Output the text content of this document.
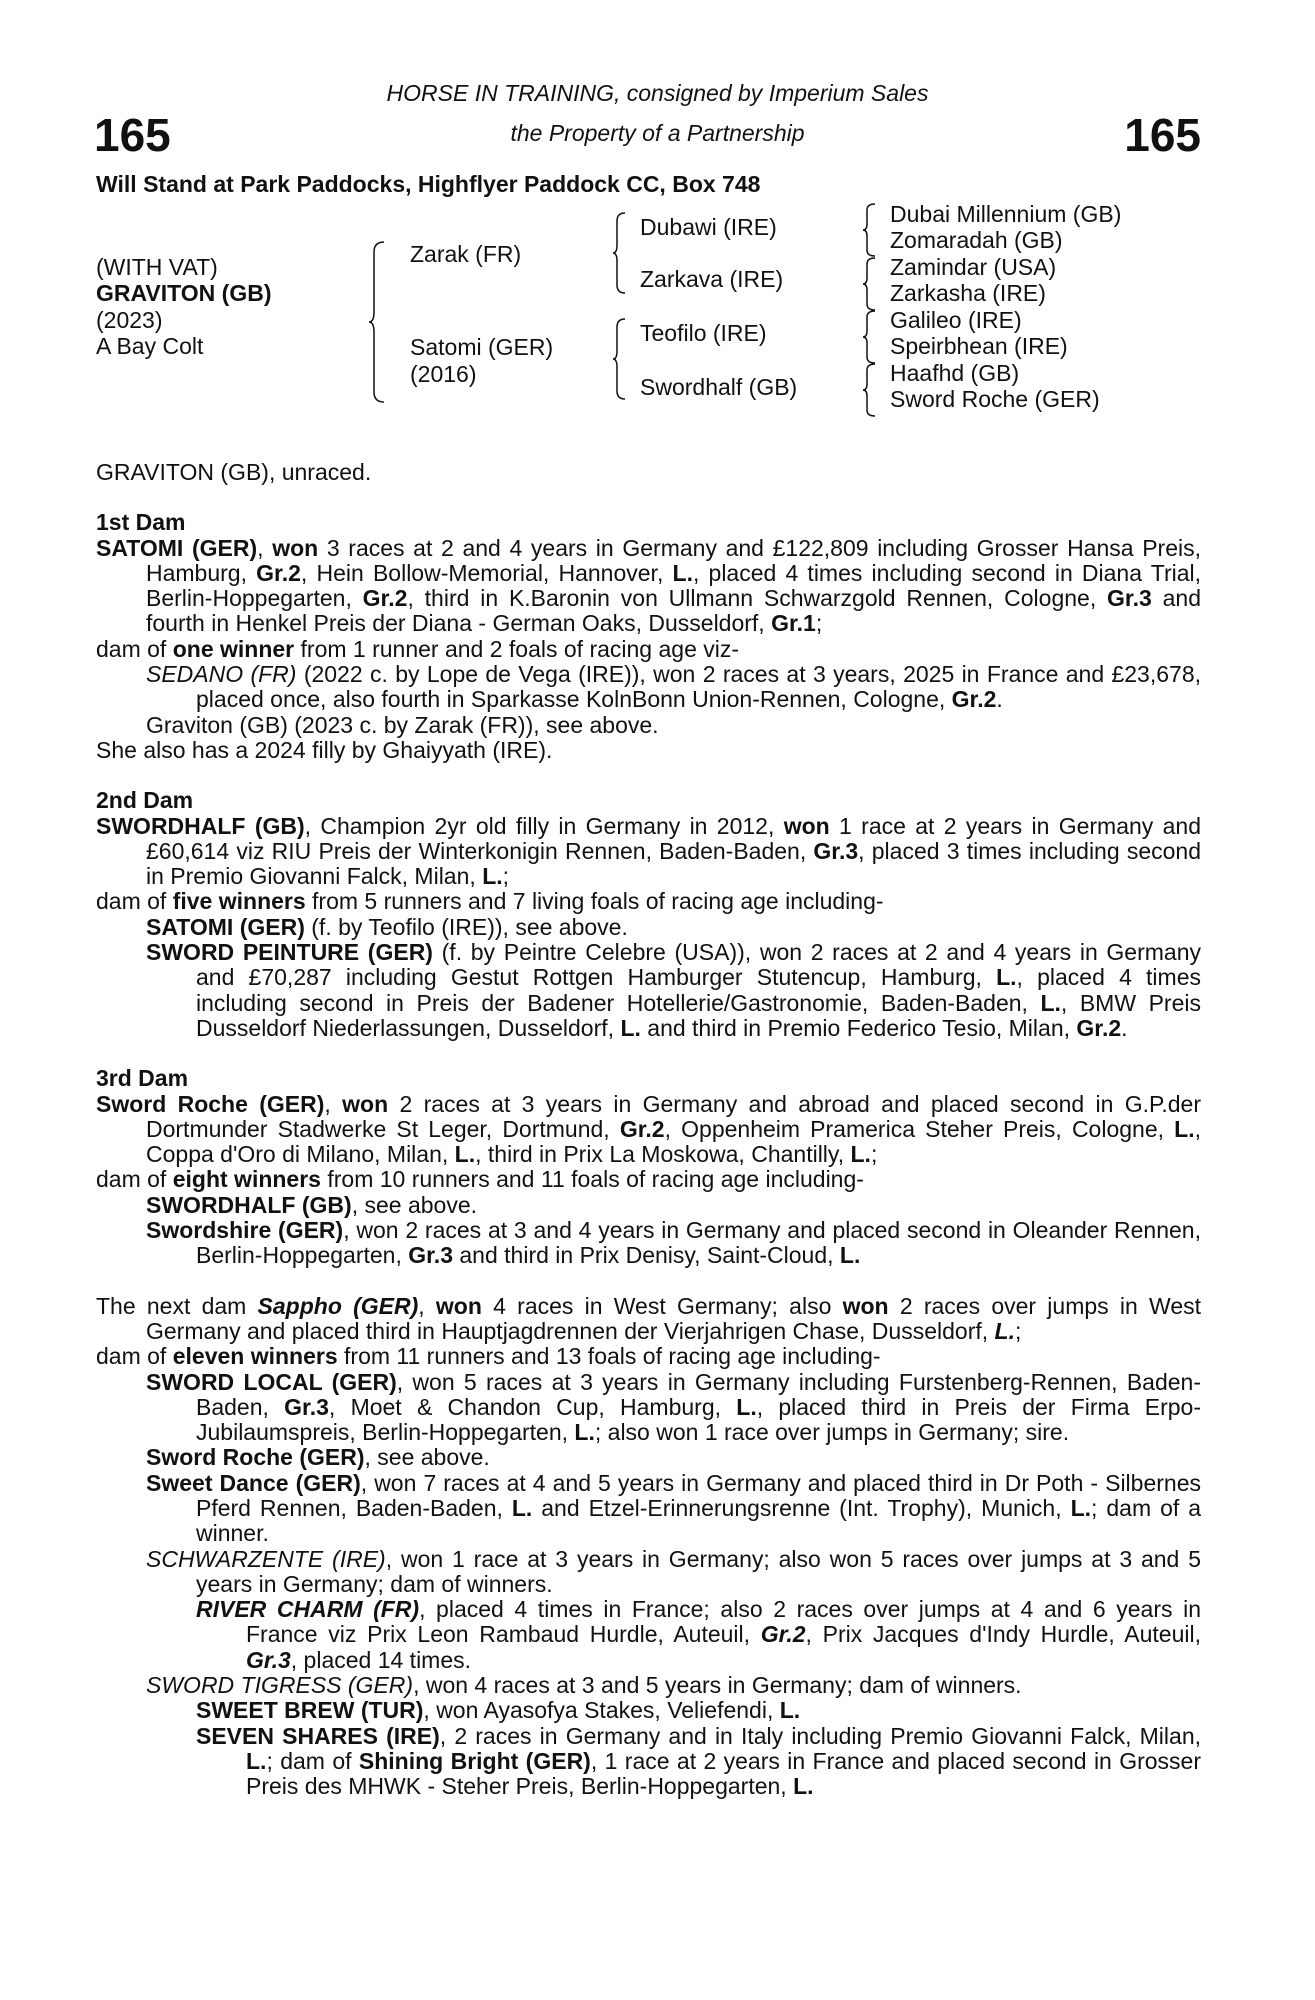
165	165
HORSE IN TRAINING, consigned by Imperium Sales
the Property of a Partnership
Will Stand at Park Paddocks, Highflyer Paddock CC, Box 748
(WITH VAT)
GRAVITON (GB)
(2023)
A Bay Colt
Zarak (FR)
Satomi (GER)
(2016)
Dubawi (IRE)
Zarkava (IRE)
Teofilo (IRE)
Swordhalf (GB)
Dubai Millennium (GB)
Zomaradah (GB)
Zamindar (USA)
Zarkasha (IRE)
Galileo (IRE)
Speirbhean (IRE)
Haafhd (GB)
Sword Roche (GER)

GRAVITON (GB), unraced.

1st Dam

SATOMI (GER), won 3 races at 2 and 4 years in Germany and £122,809 including Grosser Hansa Preis, Hamburg, Gr.2, Hein Bollow-Memorial, Hannover, L., placed 4 times including second in Diana Trial, Berlin-Hoppegarten, Gr.2, third in K.Baronin von Ullmann Schwarzgold Rennen, Cologne, Gr.3 and fourth in Henkel Preis der Diana - German Oaks, Dusseldorf, Gr.1;

dam of one winner from 1 runner and 2 foals of racing age viz-

SEDANO (FR) (2022 c. by Lope de Vega (IRE)), won 2 races at 3 years, 2025 in France and £23,678, placed once, also fourth in Sparkasse KolnBonn Union-Rennen, Cologne, Gr.2.

Graviton (GB) (2023 c. by Zarak (FR)), see above.

She also has a 2024 filly by Ghaiyyath (IRE).

2nd Dam

SWORDHALF (GB), Champion 2yr old filly in Germany in 2012, won 1 race at 2 years in Germany and £60,614 viz RIU Preis der Winterkonigin Rennen, Baden-Baden, Gr.3, placed 3 times including second in Premio Giovanni Falck, Milan, L.;

dam of five winners from 5 runners and 7 living foals of racing age including-

SATOMI (GER) (f. by Teofilo (IRE)), see above.

SWORD PEINTURE (GER) (f. by Peintre Celebre (USA)), won 2 races at 2 and 4 years in Germany and £70,287 including Gestut Rottgen Hamburger Stutencup, Hamburg, L., placed 4 times including second in Preis der Badener Hotellerie/Gastronomie, Baden-Baden, L., BMW Preis Dusseldorf Niederlassungen, Dusseldorf, L. and third in Premio Federico Tesio, Milan, Gr.2.

3rd Dam

Sword Roche (GER), won 2 races at 3 years in Germany and abroad and placed second in G.P.der Dortmunder Stadwerke St Leger, Dortmund, Gr.2, Oppenheim Pramerica Steher Preis, Cologne, L., Coppa d'Oro di Milano, Milan, L., third in Prix La Moskowa, Chantilly, L.;

dam of eight winners from 10 runners and 11 foals of racing age including-

SWORDHALF (GB), see above.

Swordshire (GER), won 2 races at 3 and 4 years in Germany and placed second in Oleander Rennen, Berlin-Hoppegarten, Gr.3 and third in Prix Denisy, Saint-Cloud, L.

The next dam Sappho (GER), won 4 races in West Germany; also won 2 races over jumps in West Germany and placed third in Hauptjagdrennen der Vierjahrigen Chase, Dusseldorf, L.;

dam of eleven winners from 11 runners and 13 foals of racing age including-

SWORD LOCAL (GER), won 5 races at 3 years in Germany including Furstenberg-Rennen, Baden-Baden, Gr.3, Moet & Chandon Cup, Hamburg, L., placed third in Preis der Firma Erpo-Jubilaumspreis, Berlin-Hoppegarten, L.; also won 1 race over jumps in Germany; sire.

Sword Roche (GER), see above.

Sweet Dance (GER), won 7 races at 4 and 5 years in Germany and placed third in Dr Poth - Silbernes Pferd Rennen, Baden-Baden, L. and Etzel-Erinnerungsrenne (Int. Trophy), Munich, L.; dam of a winner.

SCHWARZENTE (IRE), won 1 race at 3 years in Germany; also won 5 races over jumps at 3 and 5 years in Germany; dam of winners.

RIVER CHARM (FR), placed 4 times in France; also 2 races over jumps at 4 and 6 years in France viz Prix Leon Rambaud Hurdle, Auteuil, Gr.2, Prix Jacques d'Indy Hurdle, Auteuil, Gr.3, placed 14 times.

SWORD TIGRESS (GER), won 4 races at 3 and 5 years in Germany; dam of winners.

SWEET BREW (TUR), won Ayasofya Stakes, Veliefendi, L.

SEVEN SHARES (IRE), 2 races in Germany and in Italy including Premio Giovanni Falck, Milan, L.; dam of Shining Bright (GER), 1 race at 2 years in France and placed second in Grosser Preis des MHWK - Steher Preis, Berlin-Hoppegarten, L.
